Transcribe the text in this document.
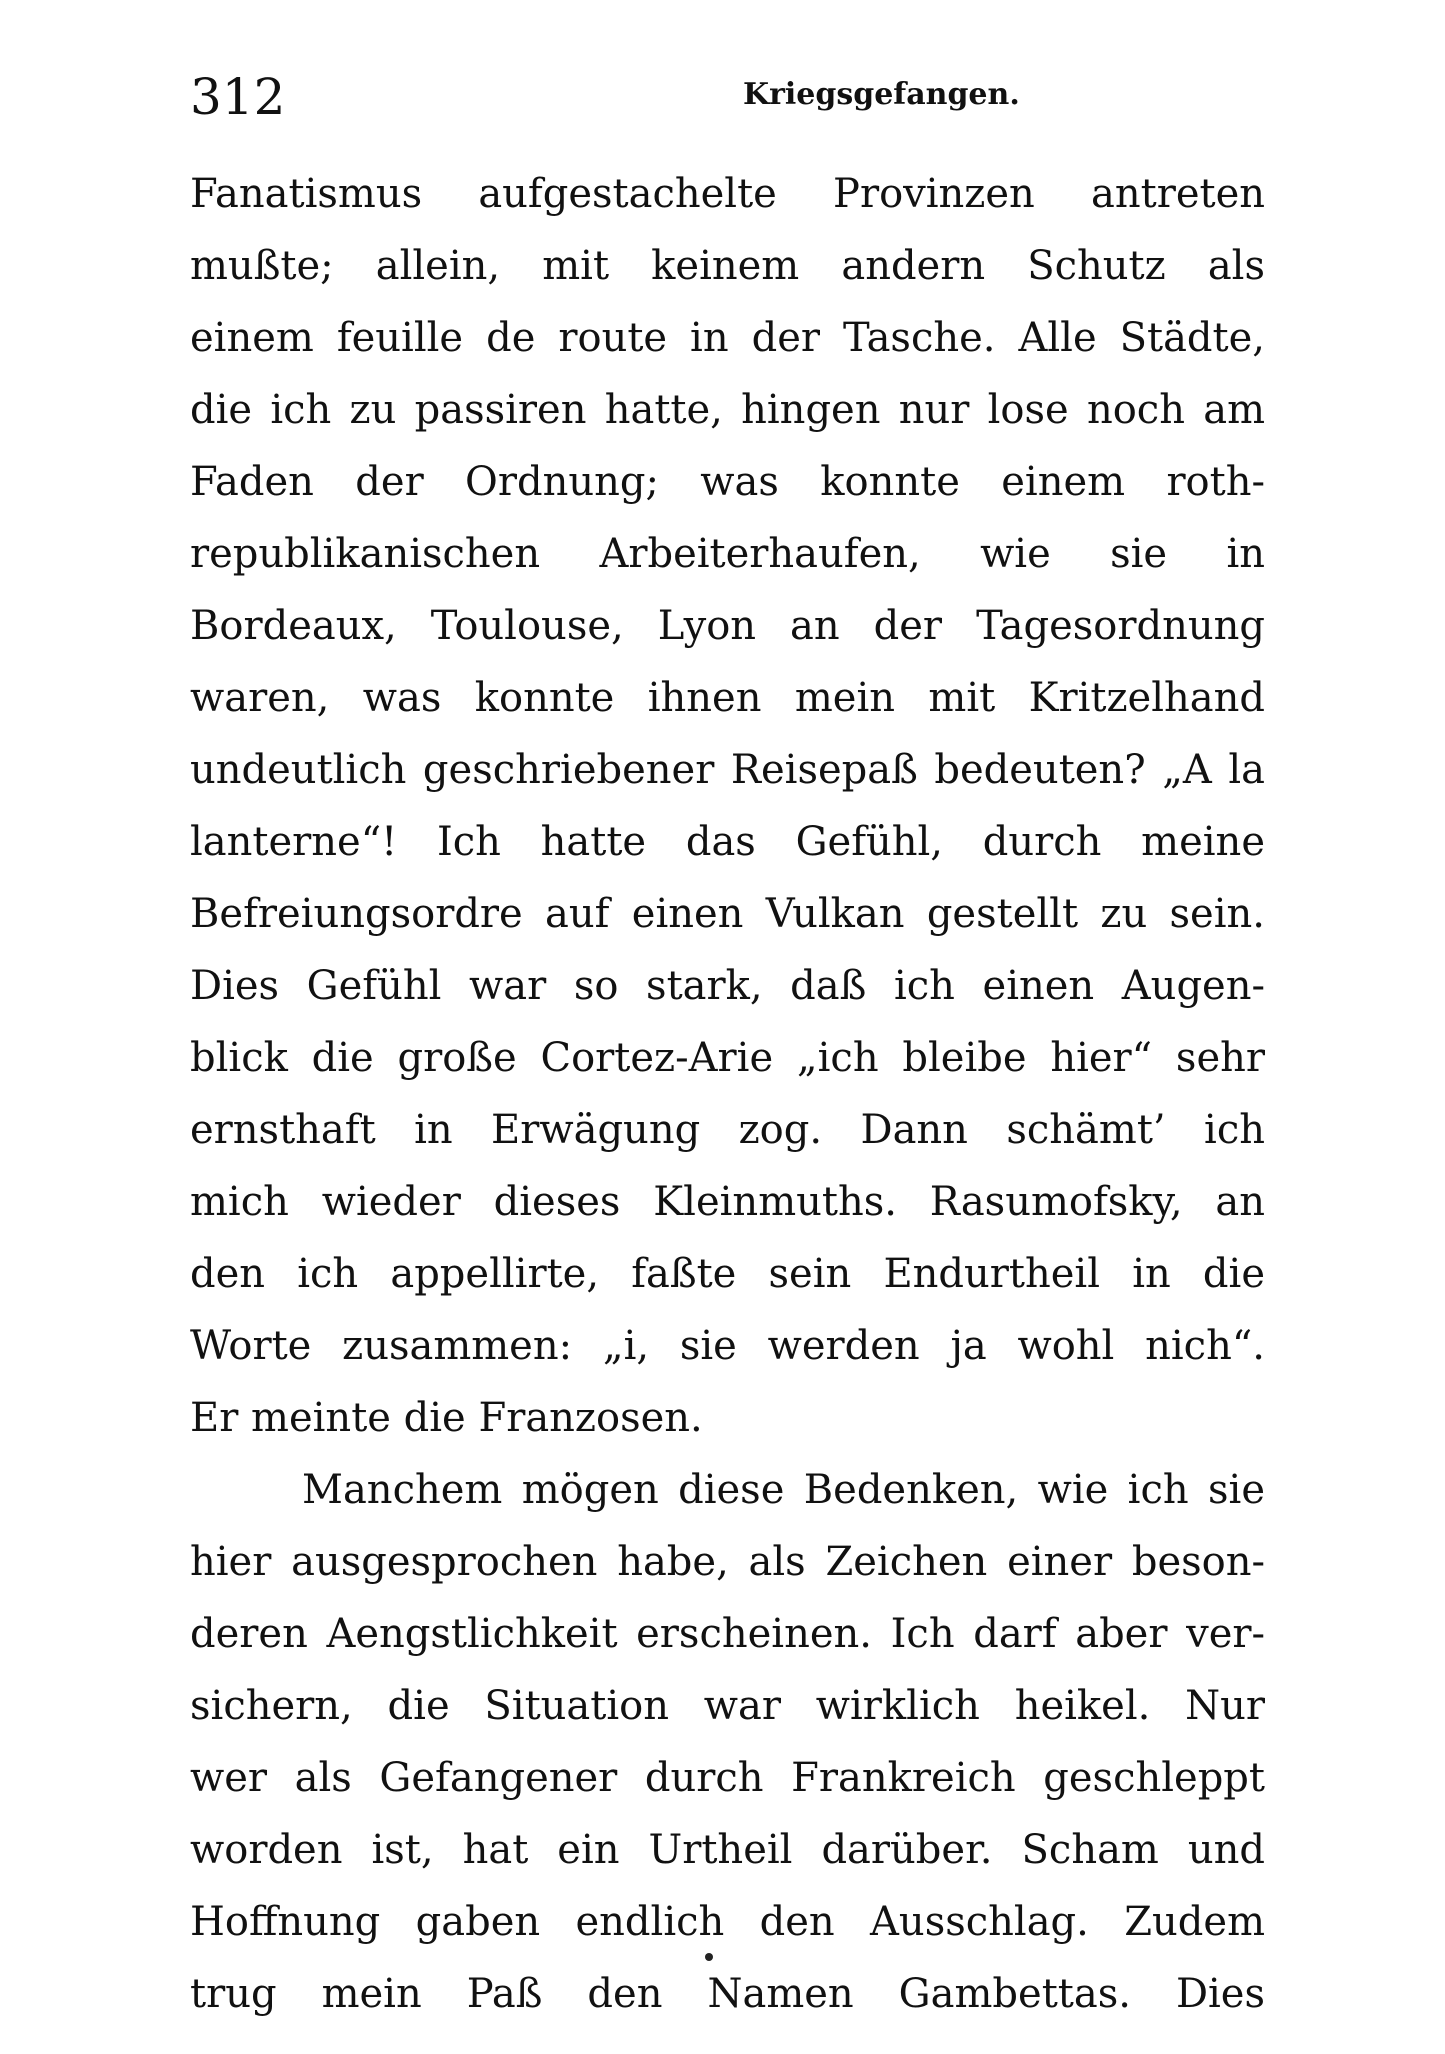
312	Kriegsgefangen.
Fanatismus aufgestachelte Provinzen antreten
mußte; allein, mit keinem andern Schutz als
einem feuille de route in der Tasche. Alle Städte,
die ich zu passiren hatte, hingen nur lose noch am
Faden der Ordnung; was konnte einem roth-
republikanischen Arbeiterhaufen, wie sie in
Bordeaux, Toulouse, Lyon an der Tagesordnung
waren, was konnte ihnen mein mit Kritzelhand
undeutlich geschriebener Reisepaß bedeuten? „A la
lanterne“! Ich hatte das Gefühl, durch meine
Befreiungsordre auf einen Vulkan gestellt zu sein.
Dies Gefühl war so stark, daß ich einen Augen-
blick die große Cortez-Arie „ich bleibe hier“ sehr
ernsthaft in Erwägung zog. Dann schämt’ ich
mich wieder dieses Kleinmuths. Rasumofsky, an
den ich appellirte, faßte sein Endurtheil in die
Worte zusammen: „i, sie werden ja wohl nich“.
Er meinte die Franzosen.
Manchem mögen diese Bedenken, wie ich sie
hier ausgesprochen habe, als Zeichen einer beson-
deren Aengstlichkeit erscheinen. Ich darf aber ver-
sichern, die Situation war wirklich heikel. Nur
wer als Gefangener durch Frankreich geschleppt
worden ist, hat ein Urtheil darüber. Scham und
Hoffnung gaben endlich den Ausschlag. Zudem
trug mein Paß den Namen Gambettas. Dies
